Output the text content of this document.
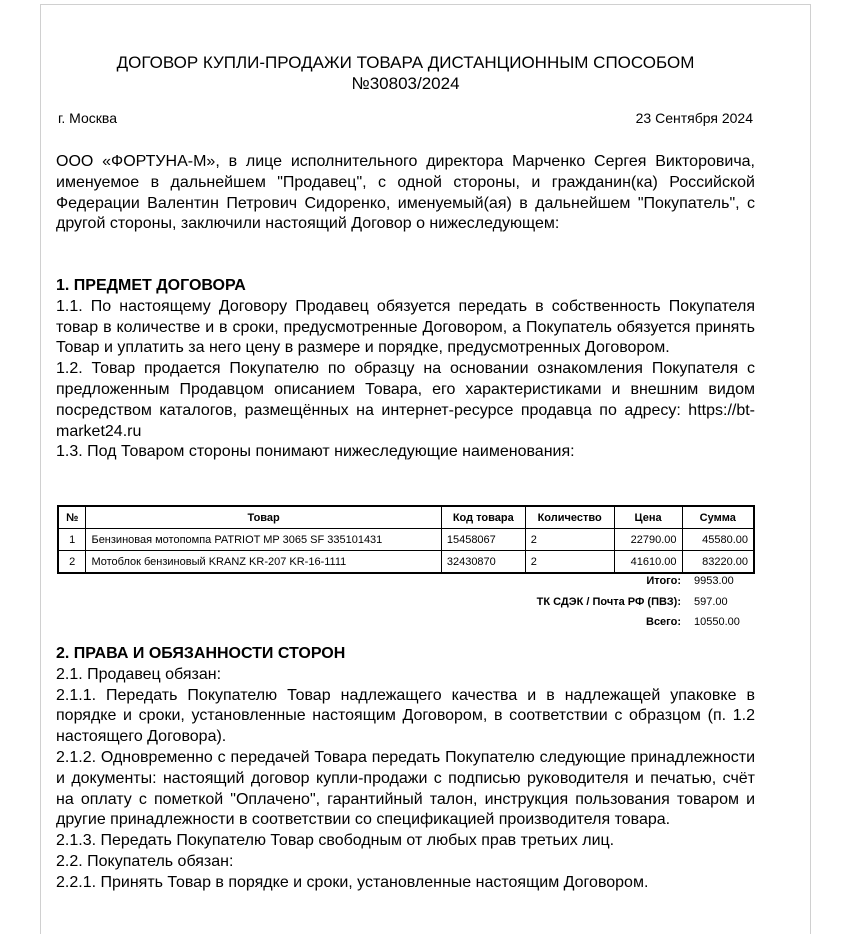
ДОГОВОР КУПЛИ-ПРОДАЖИ ТОВАРА ДИСТАНЦИОННЫМ СПОСОБОМ
№30803/2024
г. Москва	23 Сентября 2024

ООО «ФОРТУНА-М», в лице исполнительного директора Марченко Сергея Викторовича, именуемое в дальнейшем "Продавец", с одной стороны, и гражданин(ка) Российской Федерации Валентин Петрович Сидоренко, именуемый(ая) в дальнейшем "Покупатель", с другой стороны, заключили настоящий Договор о нижеследующем:

1. ПРЕДМЕТ ДОГОВОРА

1.1. По настоящему Договору Продавец обязуется передать в собственность Покупателя товар в количестве и в сроки, предусмотренные Договором, а Покупатель обязуется принять Товар и уплатить за него цену в размере и порядке, предусмотренных Договором.

1.2. Товар продается Покупателю по образцу на основании ознакомления Покупателя с предложенным Продавцом описанием Товара, его характеристиками и внешним видом посредством каталогов, размещённых на интернет-ресурсе продавца по адресу: https://bt-market24.ru

1.3. Под Товаром стороны понимают нижеследующие наименования:

№	Товар	Код товара	Количество	Цена	Сумма
1	Бензиновая мотопомпа PATRIOT MP 3065 SF 335101431	15458067	2	22790.00	45580.00
2	Мотоблок бензиновый KRANZ KR-207 KR-16-1111	32430870	2	41610.00	83220.00
Итого: 9953.00
ТК СДЭК / Почта РФ (ПВЗ): 597.00
Всего: 10550.00

2. ПРАВА И ОБЯЗАННОСТИ СТОРОН

2.1. Продавец обязан:

2.1.1. Передать Покупателю Товар надлежащего качества и в надлежащей упаковке в порядке и сроки, установленные настоящим Договором, в соответствии с образцом (п. 1.2 настоящего Договора).

2.1.2. Одновременно с передачей Товара передать Покупателю следующие принадлежности и документы: настоящий договор купли-продажи с подписью руководителя и печатью, счёт на оплату с пометкой "Оплачено", гарантийный талон, инструкция пользования товаром и другие принадлежности в соответствии со спецификацией производителя товара.

2.1.3. Передать Покупателю Товар свободным от любых прав третьих лиц.

2.2. Покупатель обязан:

2.2.1. Принять Товар в порядке и сроки, установленные настоящим Договором.
